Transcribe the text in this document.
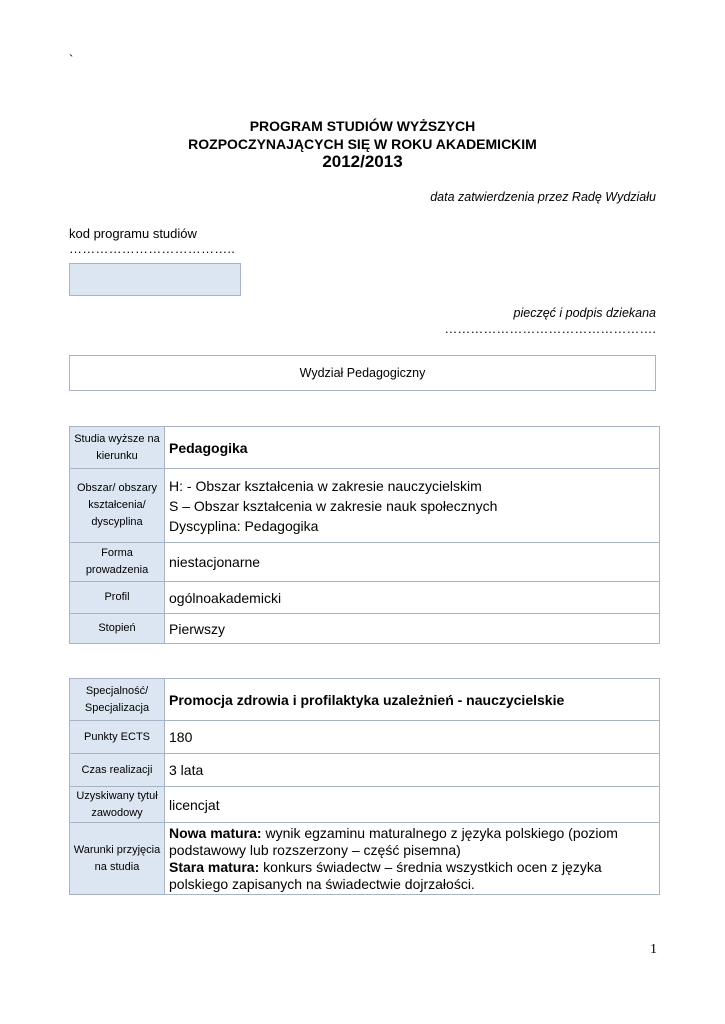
`
PROGRAM STUDIÓW WYŻSZYCH
ROZPOCZYNAJĄCYCH SIĘ W ROKU AKADEMICKIM
2012/2013
data zatwierdzenia przez Radę Wydziału
kod programu studiów
………………………………..
pieczęć i podpis dziekana
………………………………………….
Wydział Pedagogiczny
Studia wyższe na kierunku	Pedagogika
Obszar/ obszary kształcenia/ dyscyplina	H: - Obszar kształcenia w zakresie nauczycielskim
S – Obszar kształcenia w zakresie nauk społecznych
Dyscyplina: Pedagogika

Forma prowadzenia	niestacjonarne
Profil	ogólnoakademicki
Stopień	Pierwszy
Specjalność/ Specjalizacja	Promocja zdrowia i profilaktyka uzależnień - nauczycielskie
Punkty ECTS	180
Czas realizacji	3 lata
Uzyskiwany tytuł zawodowy	licencjat
Warunki przyjęcia na studia	Nowa matura: wynik egzaminu maturalnego z języka polskiego (poziom podstawowy lub rozszerzony – część pisemna)
Stara matura: konkurs świadectw – średnia wszystkich ocen z języka polskiego zapisanych na świadectwie dojrzałości.
1
